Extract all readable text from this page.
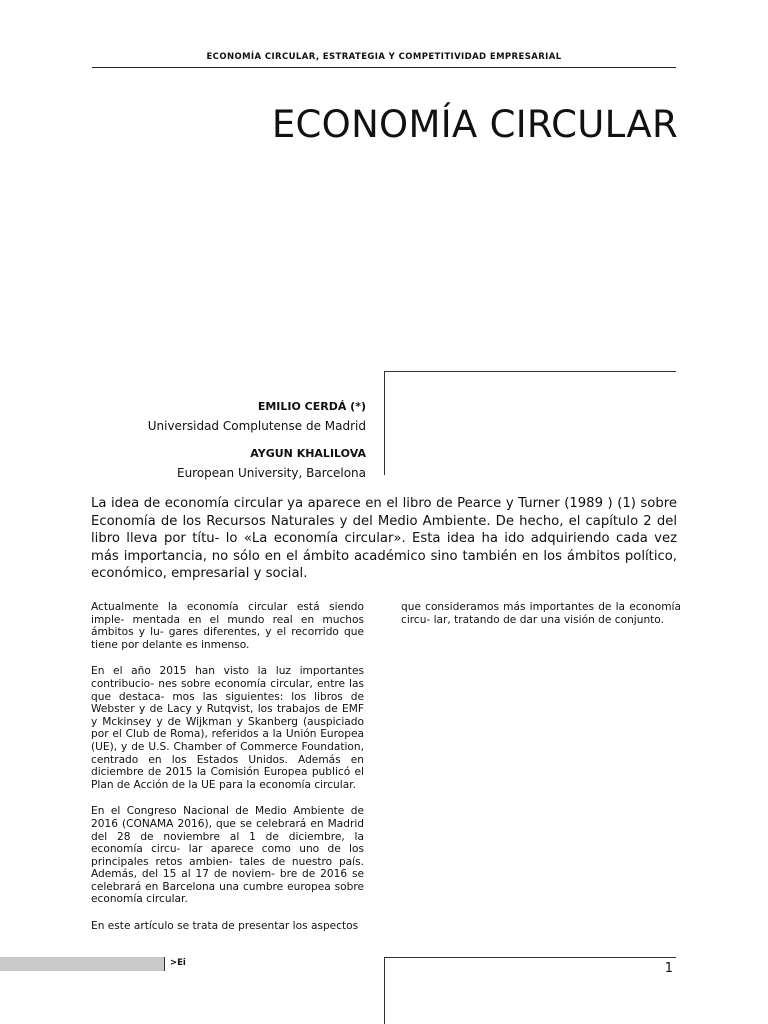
ECONOMÍA CIRCULAR, ESTRATEGIA Y COMPETITIVIDAD EMPRESARIAL
ECONOMÍA CIRCULAR
EMILIO CERDÁ (*)
Universidad Complutense de Madrid
AYGUN KHALILOVA
European University, Barcelona
La idea de economía circular ya aparece en el libro de Pearce y Turner (1989 ) (1) sobre Economía de los Recursos Naturales y del Medio Ambiente. De hecho, el capítulo 2 del libro lleva por títu- lo «La economía circular». Esta idea ha ido adquiriendo cada vez más importancia, no sólo en el ámbito académico sino también en los ámbitos político, económico, empresarial y social.

Actualmente la economía circular está siendo imple- mentada en el mundo real en muchos ámbitos y lu- gares diferentes, y el recorrido que tiene por delante es inmenso.

En el año 2015 han visto la luz importantes contribucio- nes sobre economía circular, entre las que destaca- mos las siguientes: los libros de Webster y de Lacy y Rutqvist, los trabajos de EMF y Mckinsey y de Wijkman y Skanberg (auspiciado por el Club de Roma), referidos a la Unión Europea (UE), y de U.S. Chamber of Commerce Foundation, centrado en los Estados Unidos. Además en diciembre de 2015 la Comisión Europea publicó el Plan de Acción de la UE para la economía circular.

En el Congreso Nacional de Medio Ambiente de 2016 (CONAMA 2016), que se celebrará en Madrid del 28 de noviembre al 1 de diciembre, la economía circu- lar aparece como uno de los principales retos ambien- tales de nuestro país. Además, del 15 al 17 de noviem- bre de 2016 se celebrará en Barcelona una cumbre europea sobre economía circular.

En este artículo se trata de presentar los aspectos

que consideramos más importantes de la economía circu- lar, tratando de dar una visión de conjunto.

>Ei	1
